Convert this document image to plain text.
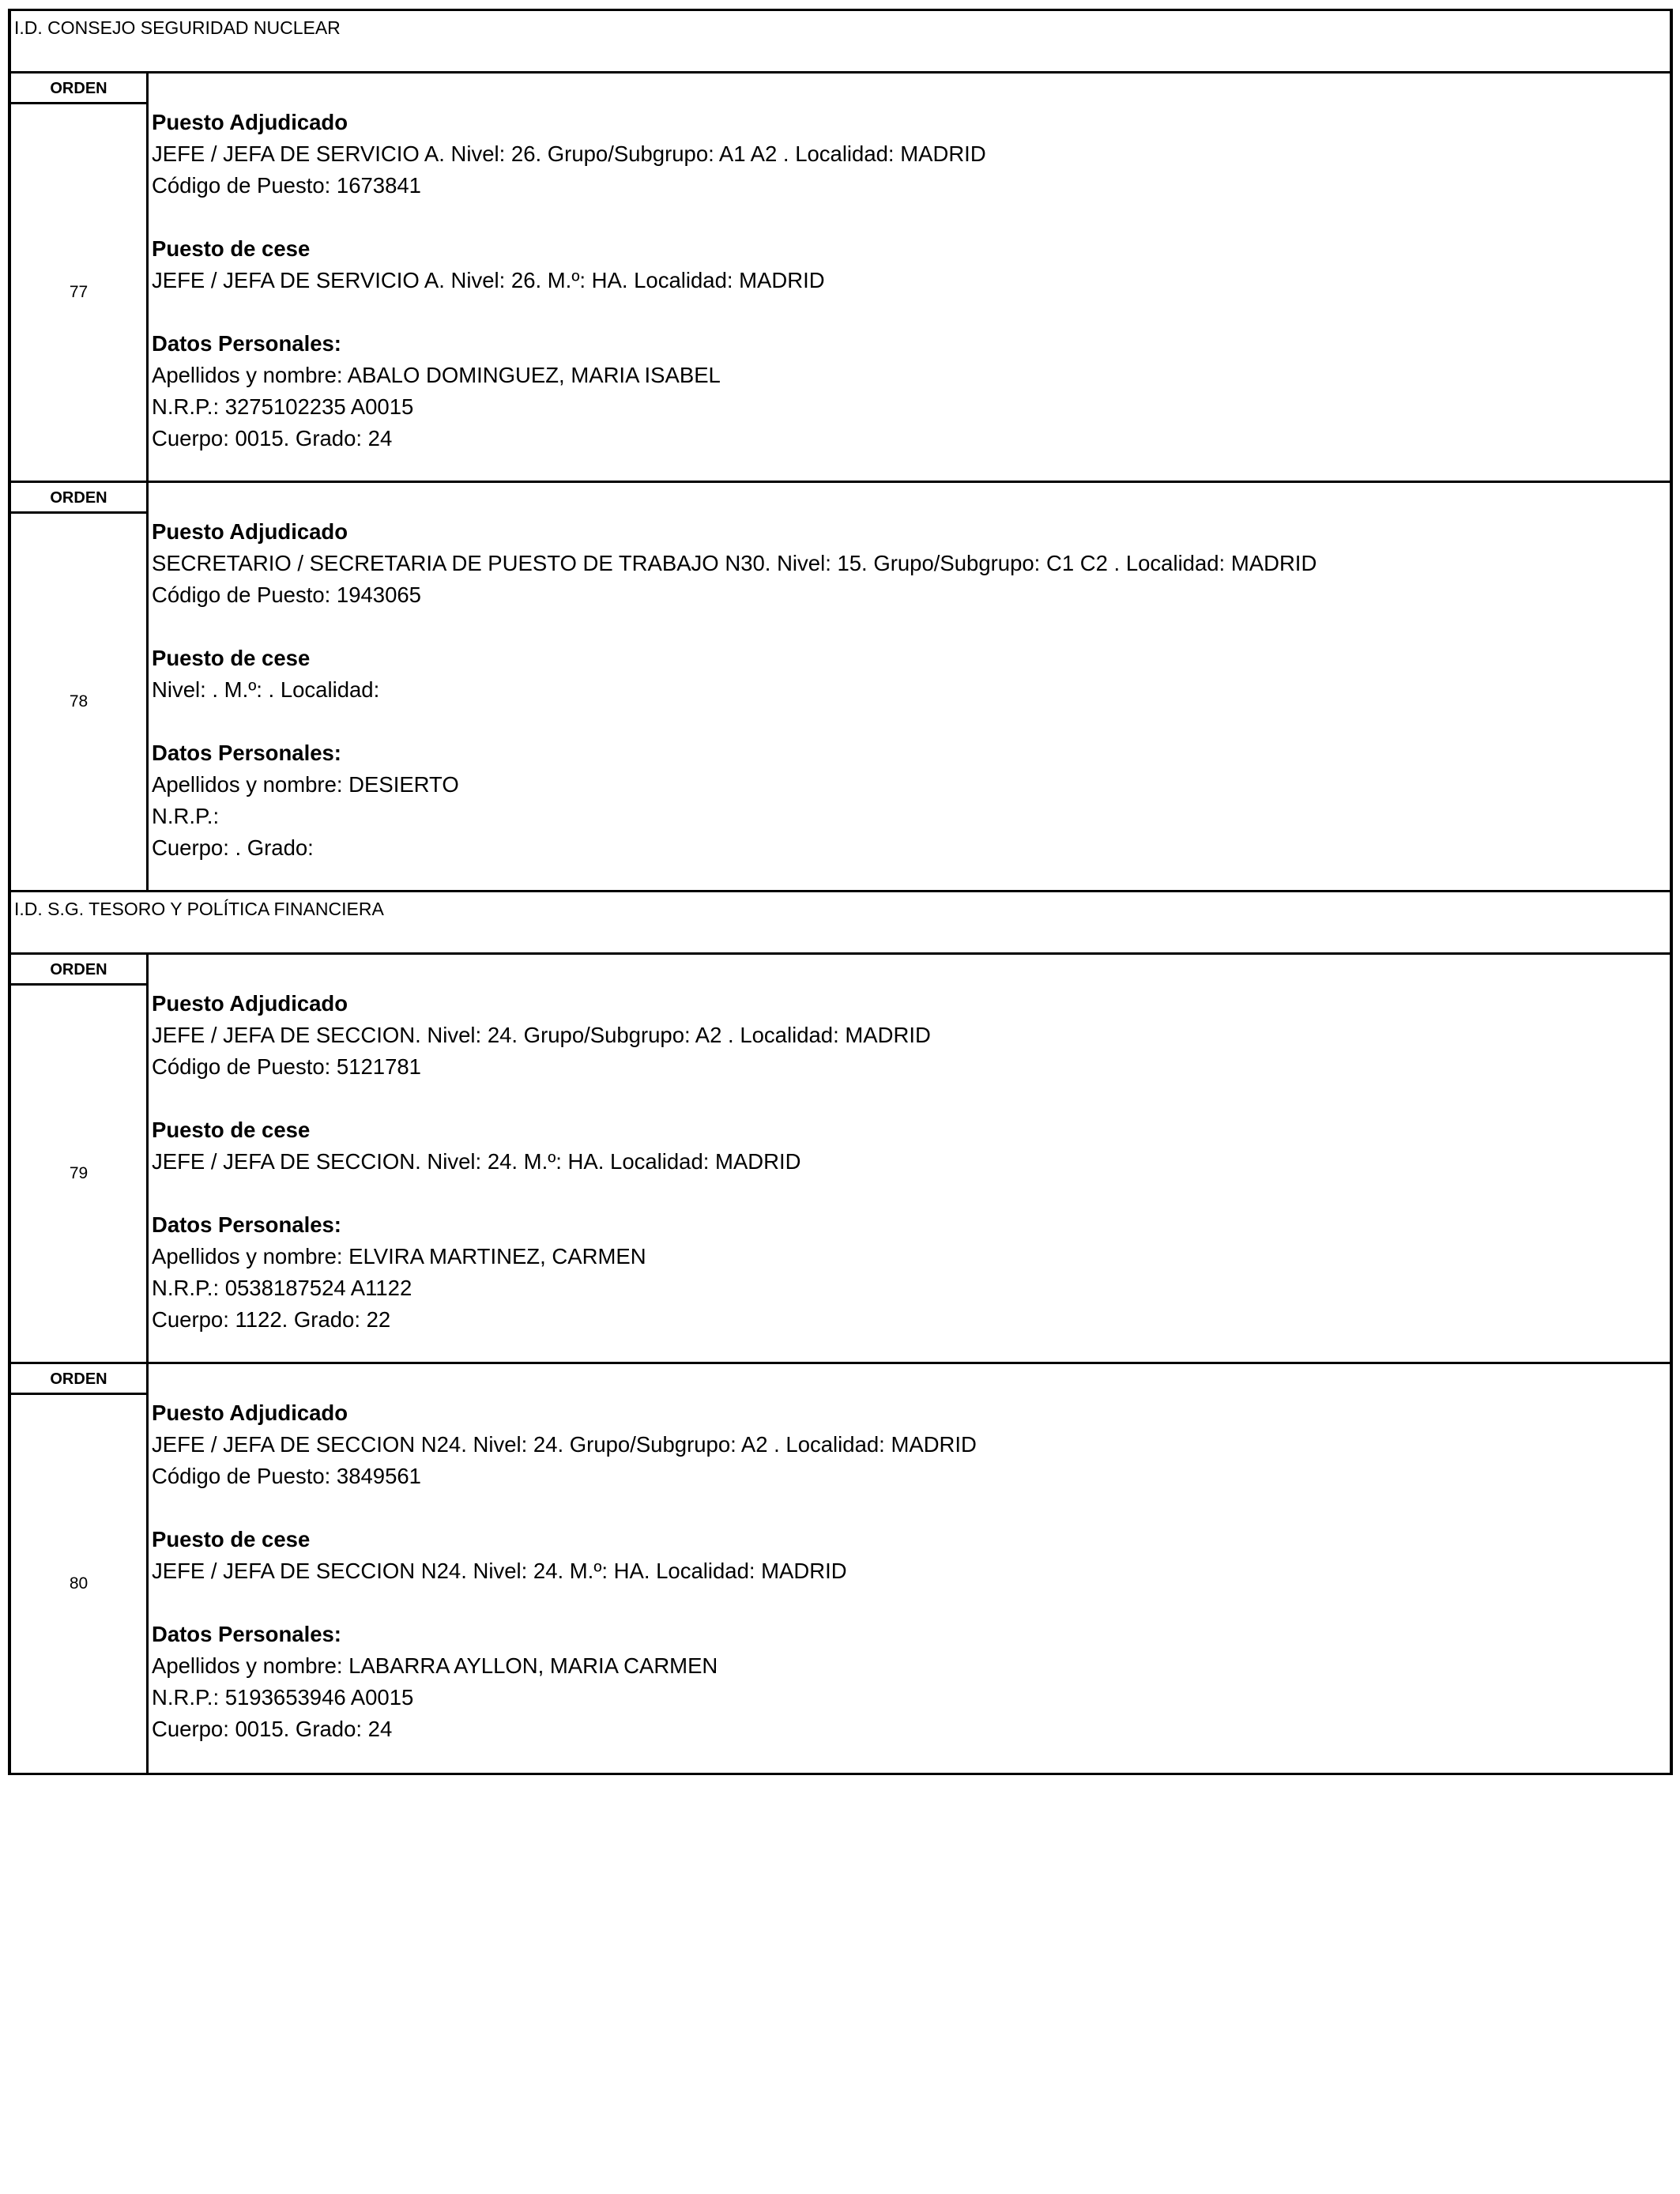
I.D. CONSEJO SEGURIDAD NUCLEAR
ORDEN
77
Puesto Adjudicado
JEFE / JEFA DE SERVICIO A. Nivel: 26. Grupo/Subgrupo: A1 A2 . Localidad: MADRID
Código de Puesto: 1673841
Puesto de cese
JEFE / JEFA DE SERVICIO A. Nivel: 26. M.º: HA. Localidad: MADRID
Datos Personales:
Apellidos y nombre: ABALO DOMINGUEZ, MARIA ISABEL
N.R.P.: 3275102235 A0015
Cuerpo: 0015. Grado: 24
ORDEN
78
Puesto Adjudicado
SECRETARIO / SECRETARIA DE PUESTO DE TRABAJO N30. Nivel: 15. Grupo/Subgrupo: C1 C2 . Localidad: MADRID
Código de Puesto: 1943065
Puesto de cese
Nivel: . M.º: . Localidad:
Datos Personales:
Apellidos y nombre: DESIERTO
N.R.P.:
Cuerpo: . Grado:
I.D. S.G. TESORO Y POLÍTICA FINANCIERA
ORDEN
79
Puesto Adjudicado
JEFE / JEFA DE SECCION. Nivel: 24. Grupo/Subgrupo: A2 . Localidad: MADRID
Código de Puesto: 5121781
Puesto de cese
JEFE / JEFA DE SECCION. Nivel: 24. M.º: HA. Localidad: MADRID
Datos Personales:
Apellidos y nombre: ELVIRA MARTINEZ, CARMEN
N.R.P.: 0538187524 A1122
Cuerpo: 1122. Grado: 22
ORDEN
80
Puesto Adjudicado
JEFE / JEFA DE SECCION N24. Nivel: 24. Grupo/Subgrupo: A2 . Localidad: MADRID
Código de Puesto: 3849561
Puesto de cese
JEFE / JEFA DE SECCION N24. Nivel: 24. M.º: HA. Localidad: MADRID
Datos Personales:
Apellidos y nombre: LABARRA AYLLON, MARIA CARMEN
N.R.P.: 5193653946 A0015
Cuerpo: 0015. Grado: 24
